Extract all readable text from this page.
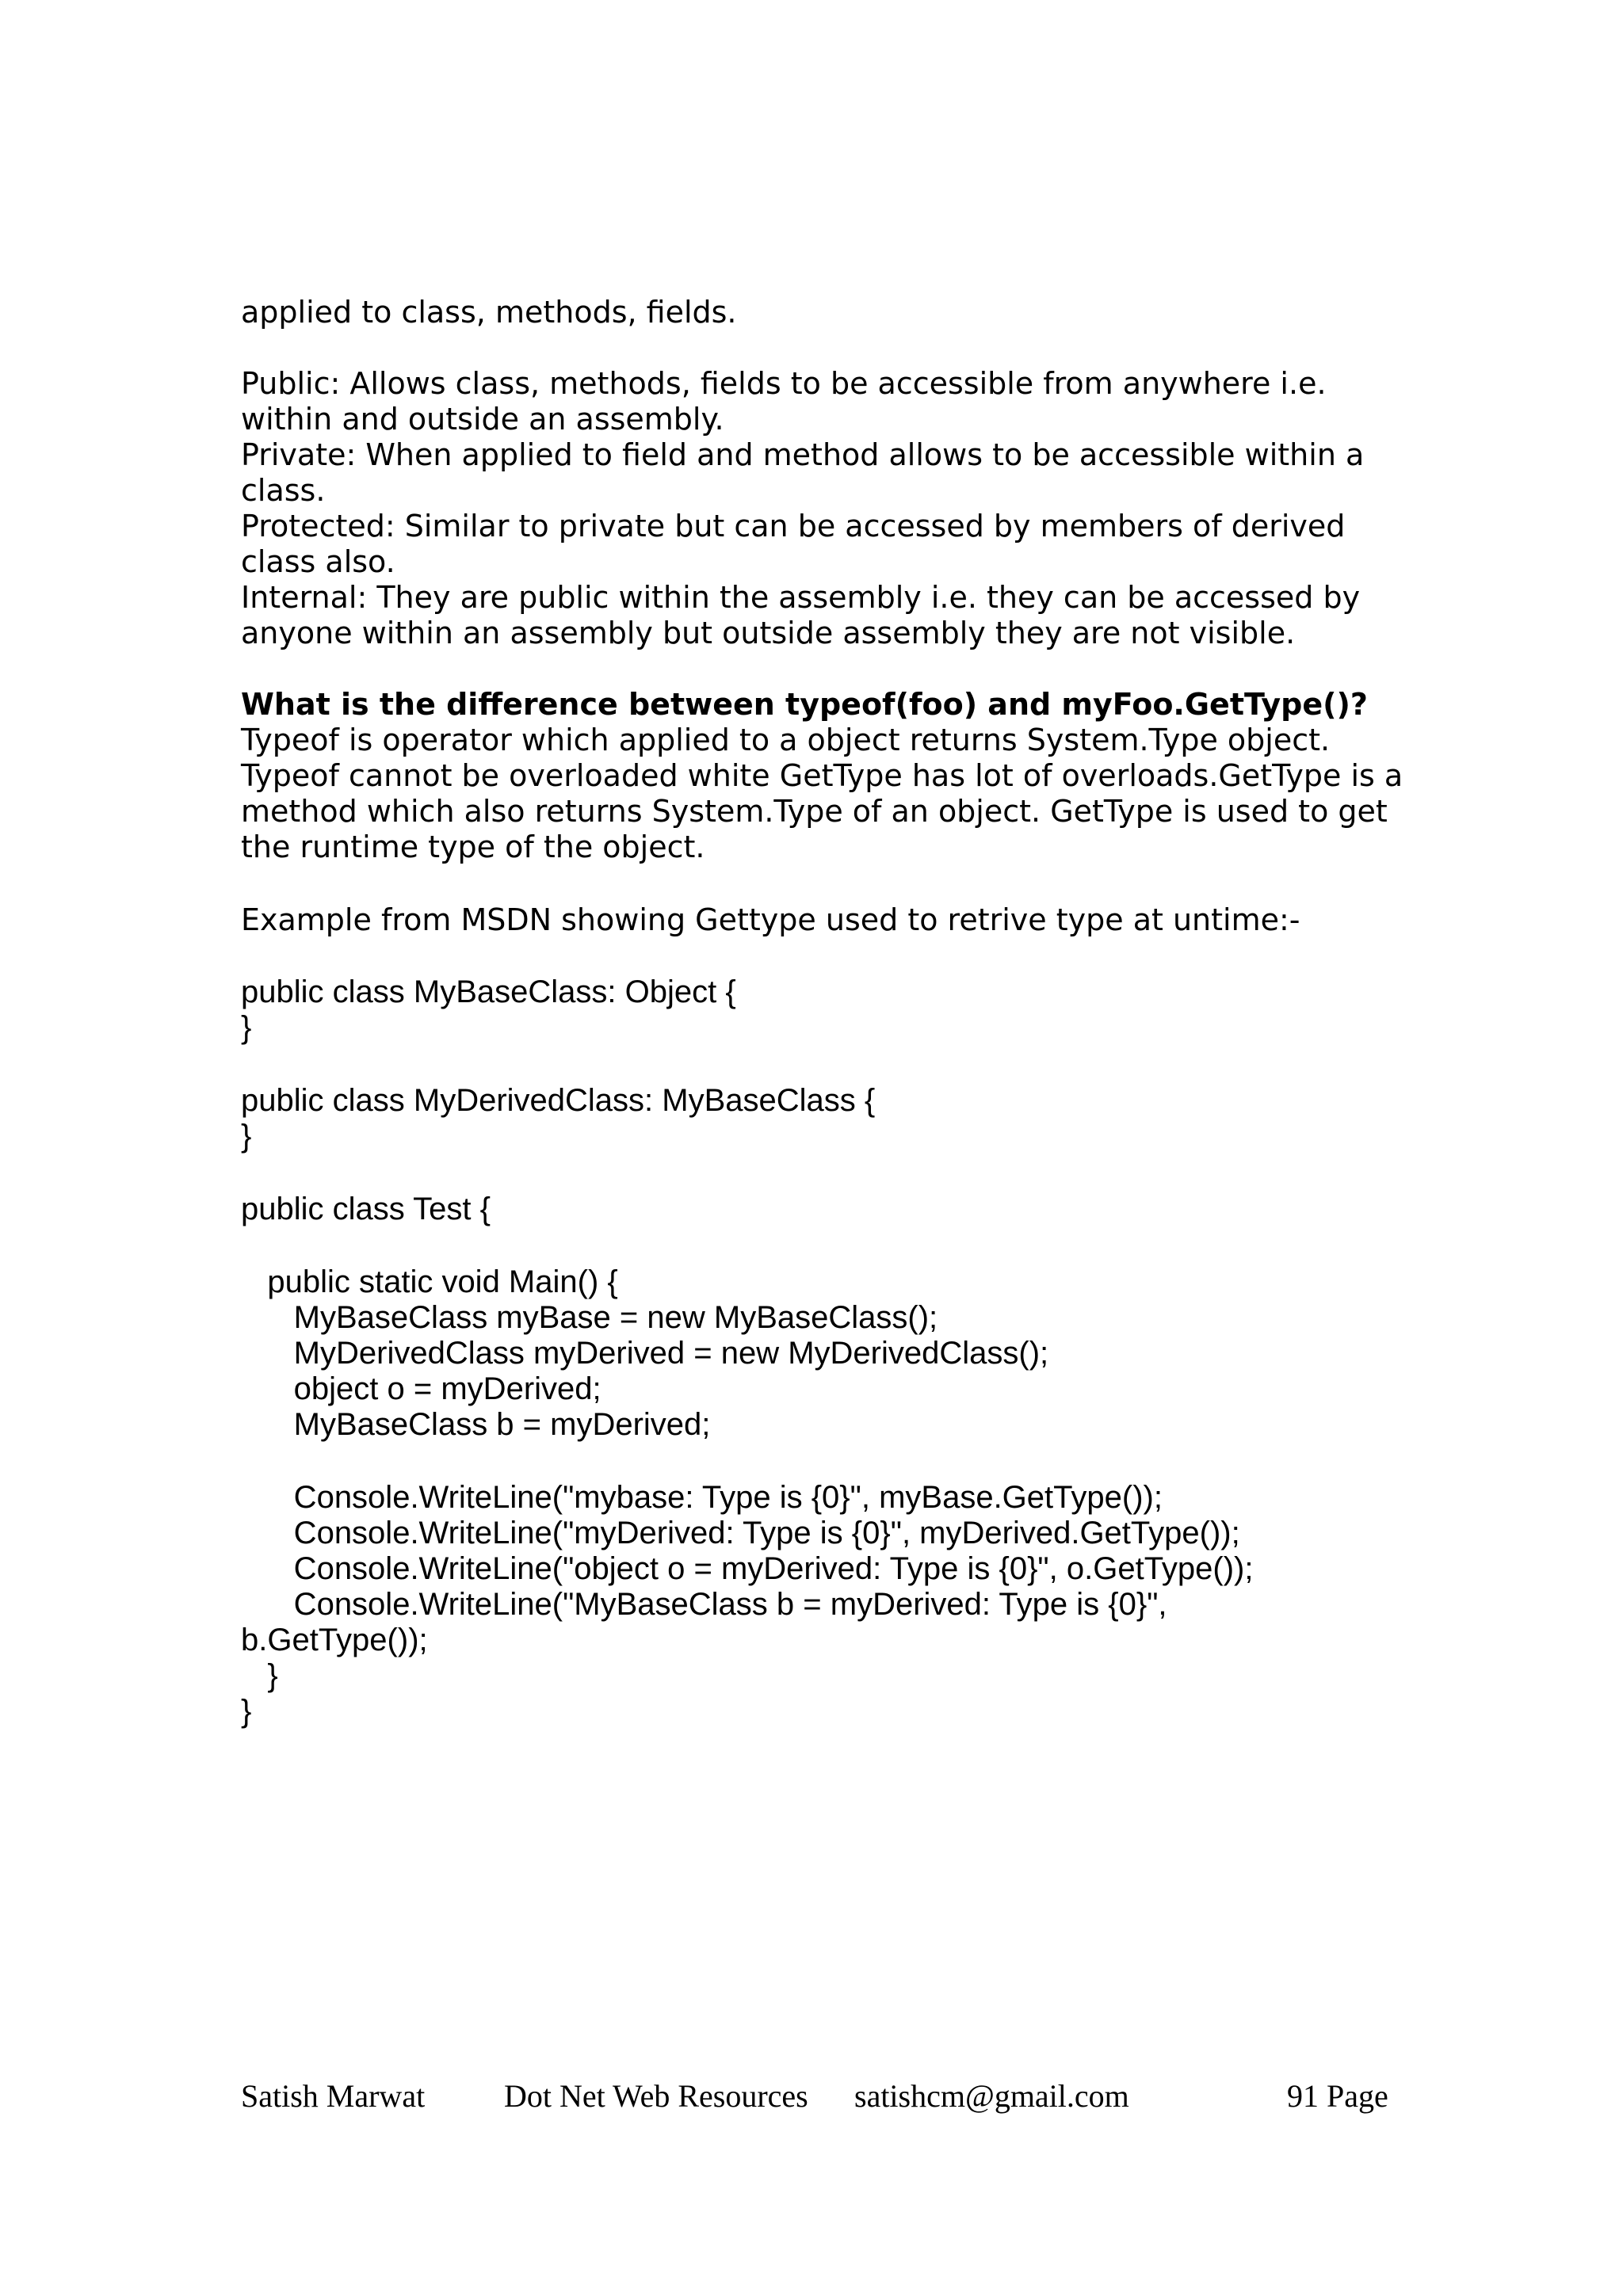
applied to class, methods, fields.

Public: Allows class, methods, fields to be accessible from anywhere i.e.

within and outside an assembly.

Private: When applied to field and method allows to be accessible within a

class.

Protected: Similar to private but can be accessed by members of derived

class also.

Internal: They are public within the assembly i.e. they can be accessed by

anyone within an assembly but outside assembly they are not visible.

What is the difference between typeof(foo) and myFoo.GetType()?

Typeof is operator which applied to a object returns System.Type object.

Typeof cannot be overloaded white GetType has lot of overloads.GetType is a

method which also returns System.Type of an object. GetType is used to get

the runtime type of the object.

Example from MSDN showing Gettype used to retrive type at untime:-

public class MyBaseClass: Object {

}

public class MyDerivedClass: MyBaseClass {

}

public class Test {

public static void Main() {

MyBaseClass myBase = new MyBaseClass();

MyDerivedClass myDerived = new MyDerivedClass();

object o = myDerived;

MyBaseClass b = myDerived;

Console.WriteLine("mybase: Type is {0}", myBase.GetType());

Console.WriteLine("myDerived: Type is {0}", myDerived.GetType());

Console.WriteLine("object o = myDerived: Type is {0}", o.GetType());

Console.WriteLine("MyBaseClass b = myDerived: Type is {0}",

b.GetType());

}

}

Satish Marwat Dot Net Web Resources satishcm@gmail.com	91 Page
